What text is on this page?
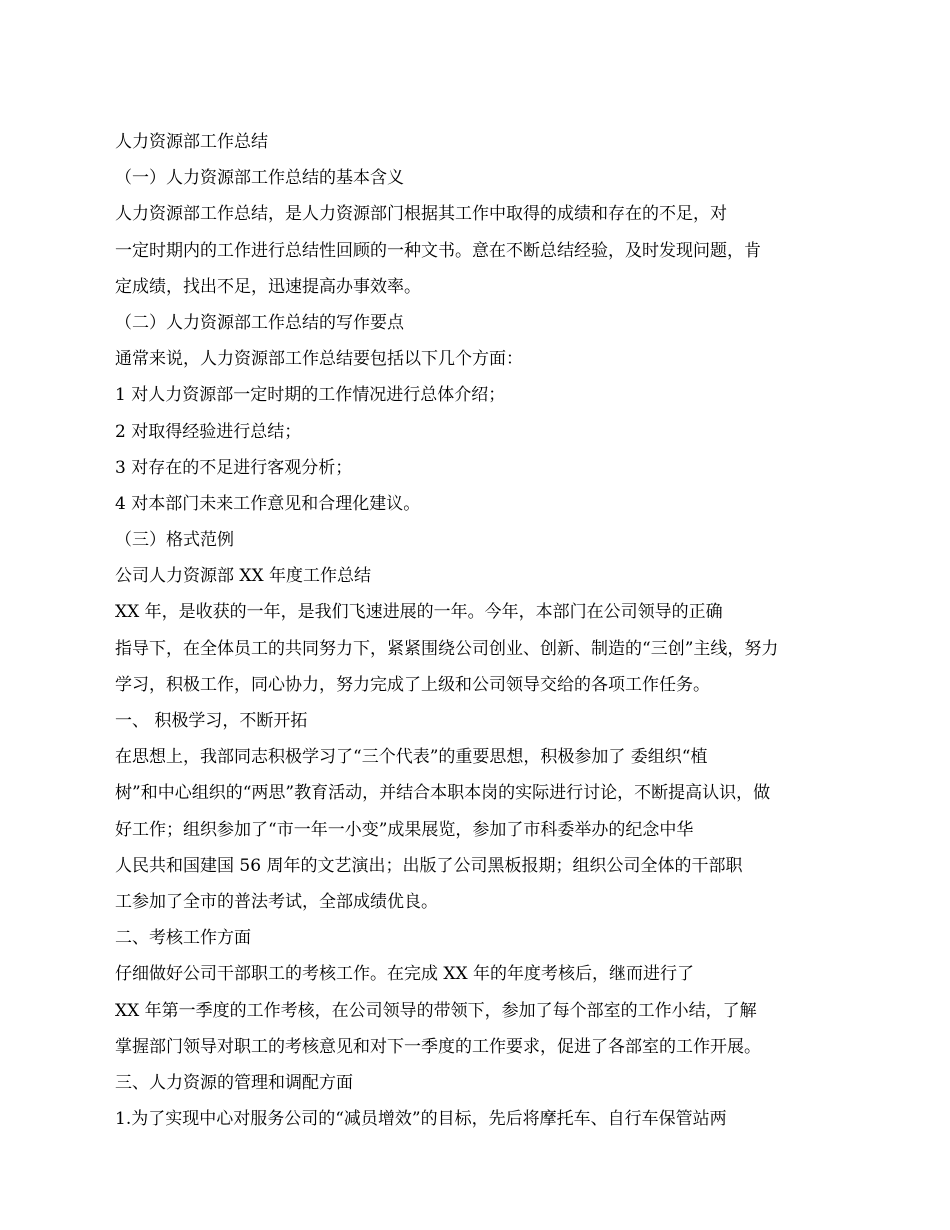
人力资源部工作总结
（一）人力资源部工作总结的基本含义
人力资源部工作总结，是人力资源部门根据其工作中取得的成绩和存在的不足，对
一定时期内的工作进行总结性回顾的一种文书。意在不断总结经验，及时发现问题，肯
定成绩，找出不足，迅速提高办事效率。
（二）人力资源部工作总结的写作要点
通常来说，人力资源部工作总结要包括以下几个方面：
1 对人力资源部一定时期的工作情况进行总体介绍；
2 对取得经验进行总结；
3 对存在的不足进行客观分析；
4 对本部门未来工作意见和合理化建议。
（三）格式范例
公司人力资源部 XX 年度工作总结
XX 年，是收获的一年，是我们飞速进展的一年。今年，本部门在公司领导的正确
指导下，在全体员工的共同努力下，紧紧围绕公司创业、创新、制造的“三创”主线，努力
学习，积极工作，同心协力，努力完成了上级和公司领导交给的各项工作任务。
一、 积极学习，不断开拓
在思想上，我部同志积极学习了“三个代表”的重要思想，积极参加了 委组织“植
树”和中心组织的“两思”教育活动，并结合本职本岗的实际进行讨论，不断提高认识，做
好工作；组织参加了“市一年一小变”成果展览，参加了市科委举办的纪念中华
人民共和国建国 56 周年的文艺演出；出版了公司黑板报期；组织公司全体的干部职
工参加了全市的普法考试，全部成绩优良。
二、考核工作方面
仔细做好公司干部职工的考核工作。在完成 XX 年的年度考核后，继而进行了
XX 年第一季度的工作考核，在公司领导的带领下，参加了每个部室的工作小结，了解
掌握部门领导对职工的考核意见和对下一季度的工作要求，促进了各部室的工作开展。
三、人力资源的管理和调配方面
1.为了实现中心对服务公司的“减员增效”的目标，先后将摩托车、自行车保管站两
